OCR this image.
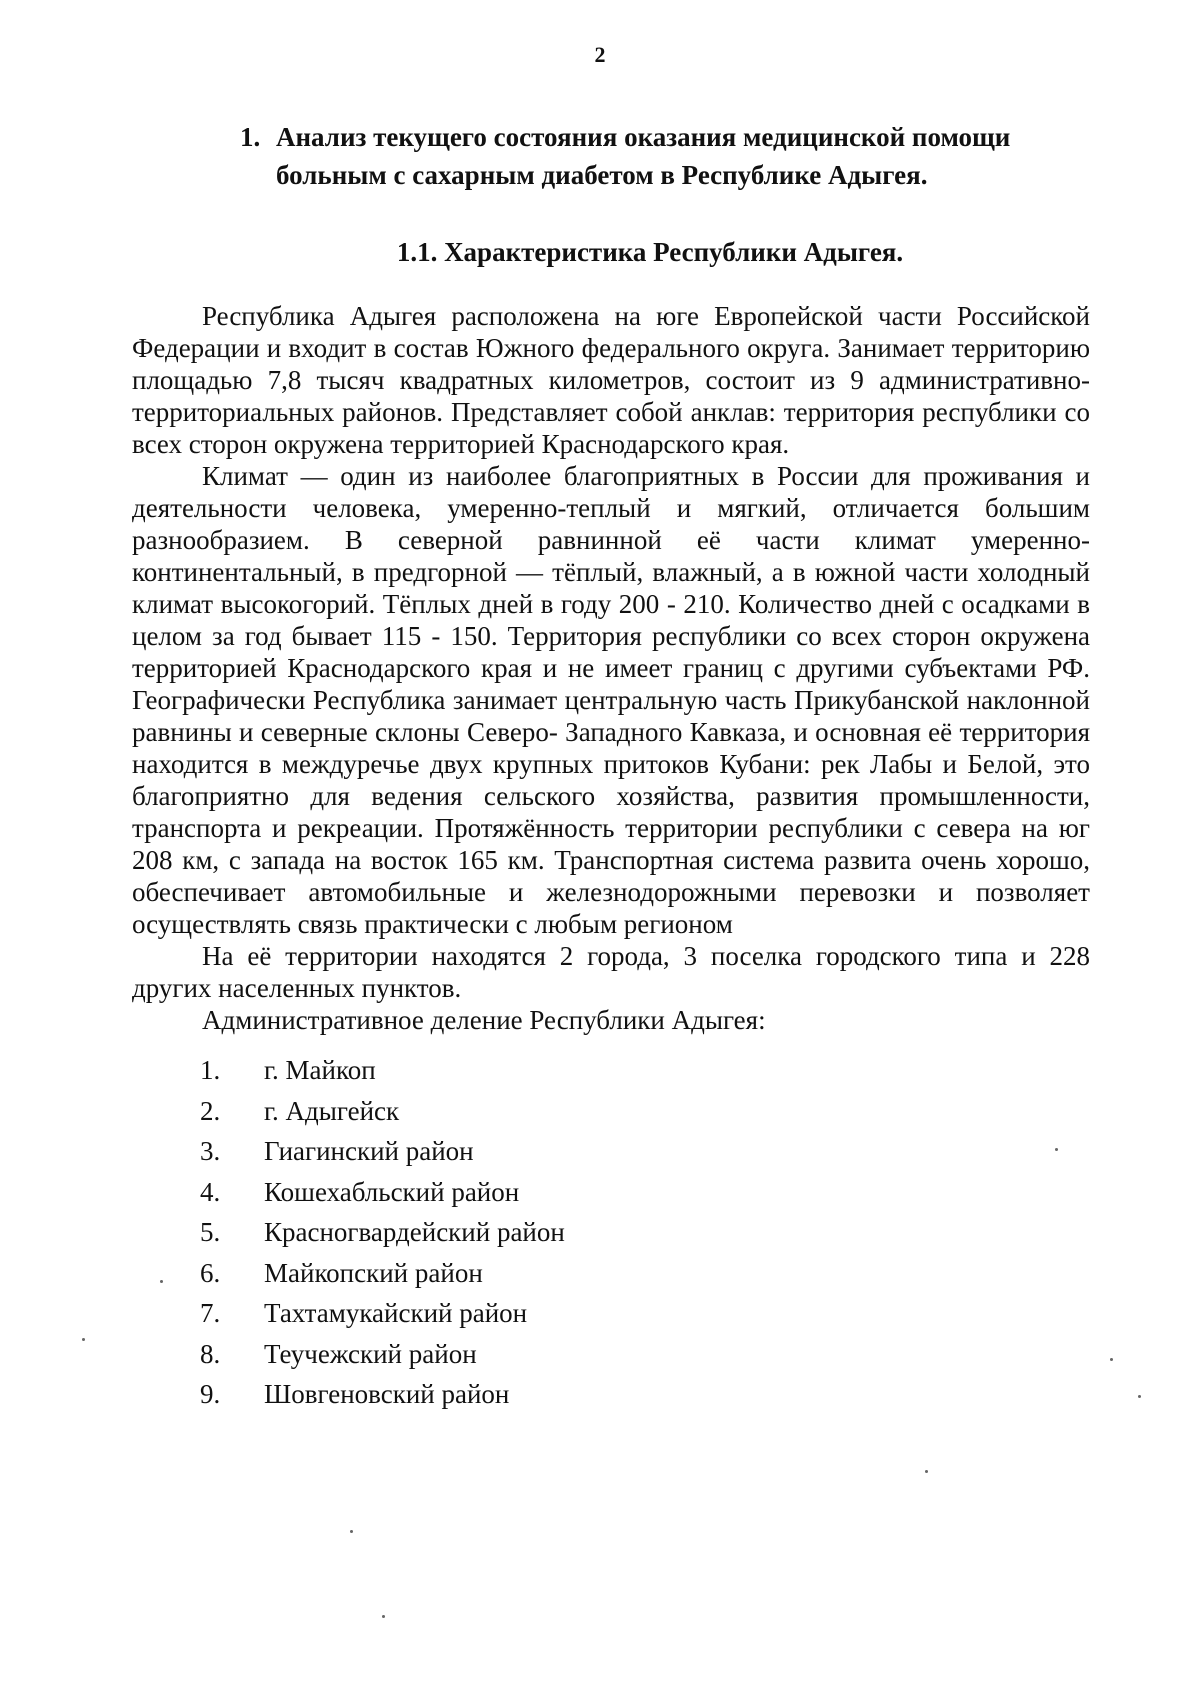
2
1. Анализ текущего состояния оказания медицинской помощи
больным с сахарным диабетом в Республике Адыгея.
1.1. Характеристика Республики Адыгея.

Республика Адыгея расположена на юге Европейской части Российской Федерации и входит в состав Южного федерального округа. Занимает территорию площадью 7,8 тысяч квадратных километров, состоит из 9 административно-территориальных районов. Представляет собой анклав: территория республики со всех сторон окружена территорией Краснодарского края.

Климат — один из наиболее благоприятных в России для проживания и деятельности человека, умеренно-теплый и мягкий, отличается большим разнообразием. В северной равнинной её части климат умеренно- континентальный, в предгорной — тёплый, влажный, а в южной части холодный климат высокогорий. Тёплых дней в году 200 - 210. Количество дней с осадками в целом за год бывает 115 - 150. Территория республики со всех сторон окружена территорией Краснодарского края и не имеет границ с другими субъектами РФ. Географически Республика занимает центральную часть Прикубанской наклонной равнины и северные склоны Северо- Западного Кавказа, и основная её территория находится в междуречье двух крупных притоков Кубани: рек Лабы и Белой, это благоприятно для ведения сельского хозяйства, развития промышленности, транспорта и рекреации. Протяжённость территории республики с севера на юг 208 км, с запада на восток 165 км. Транспортная система развита очень хорошо, обеспечивает автомобильные и железнодорожными перевозки и позволяет осуществлять связь практически с любым регионом

На её территории находятся 2 города, 3 поселка городского типа и 228 других населенных пунктов.

Административное деление Республики Адыгея:

1.	г. Майкоп
2.	г. Адыгейск
3.	Гиагинский район
4.	Кошехабльский район
5.	Красногвардейский район
6.	Майкопский район
7.	Тахтамукайский район
8.	Теучежский район
9.	Шовгеновский район
